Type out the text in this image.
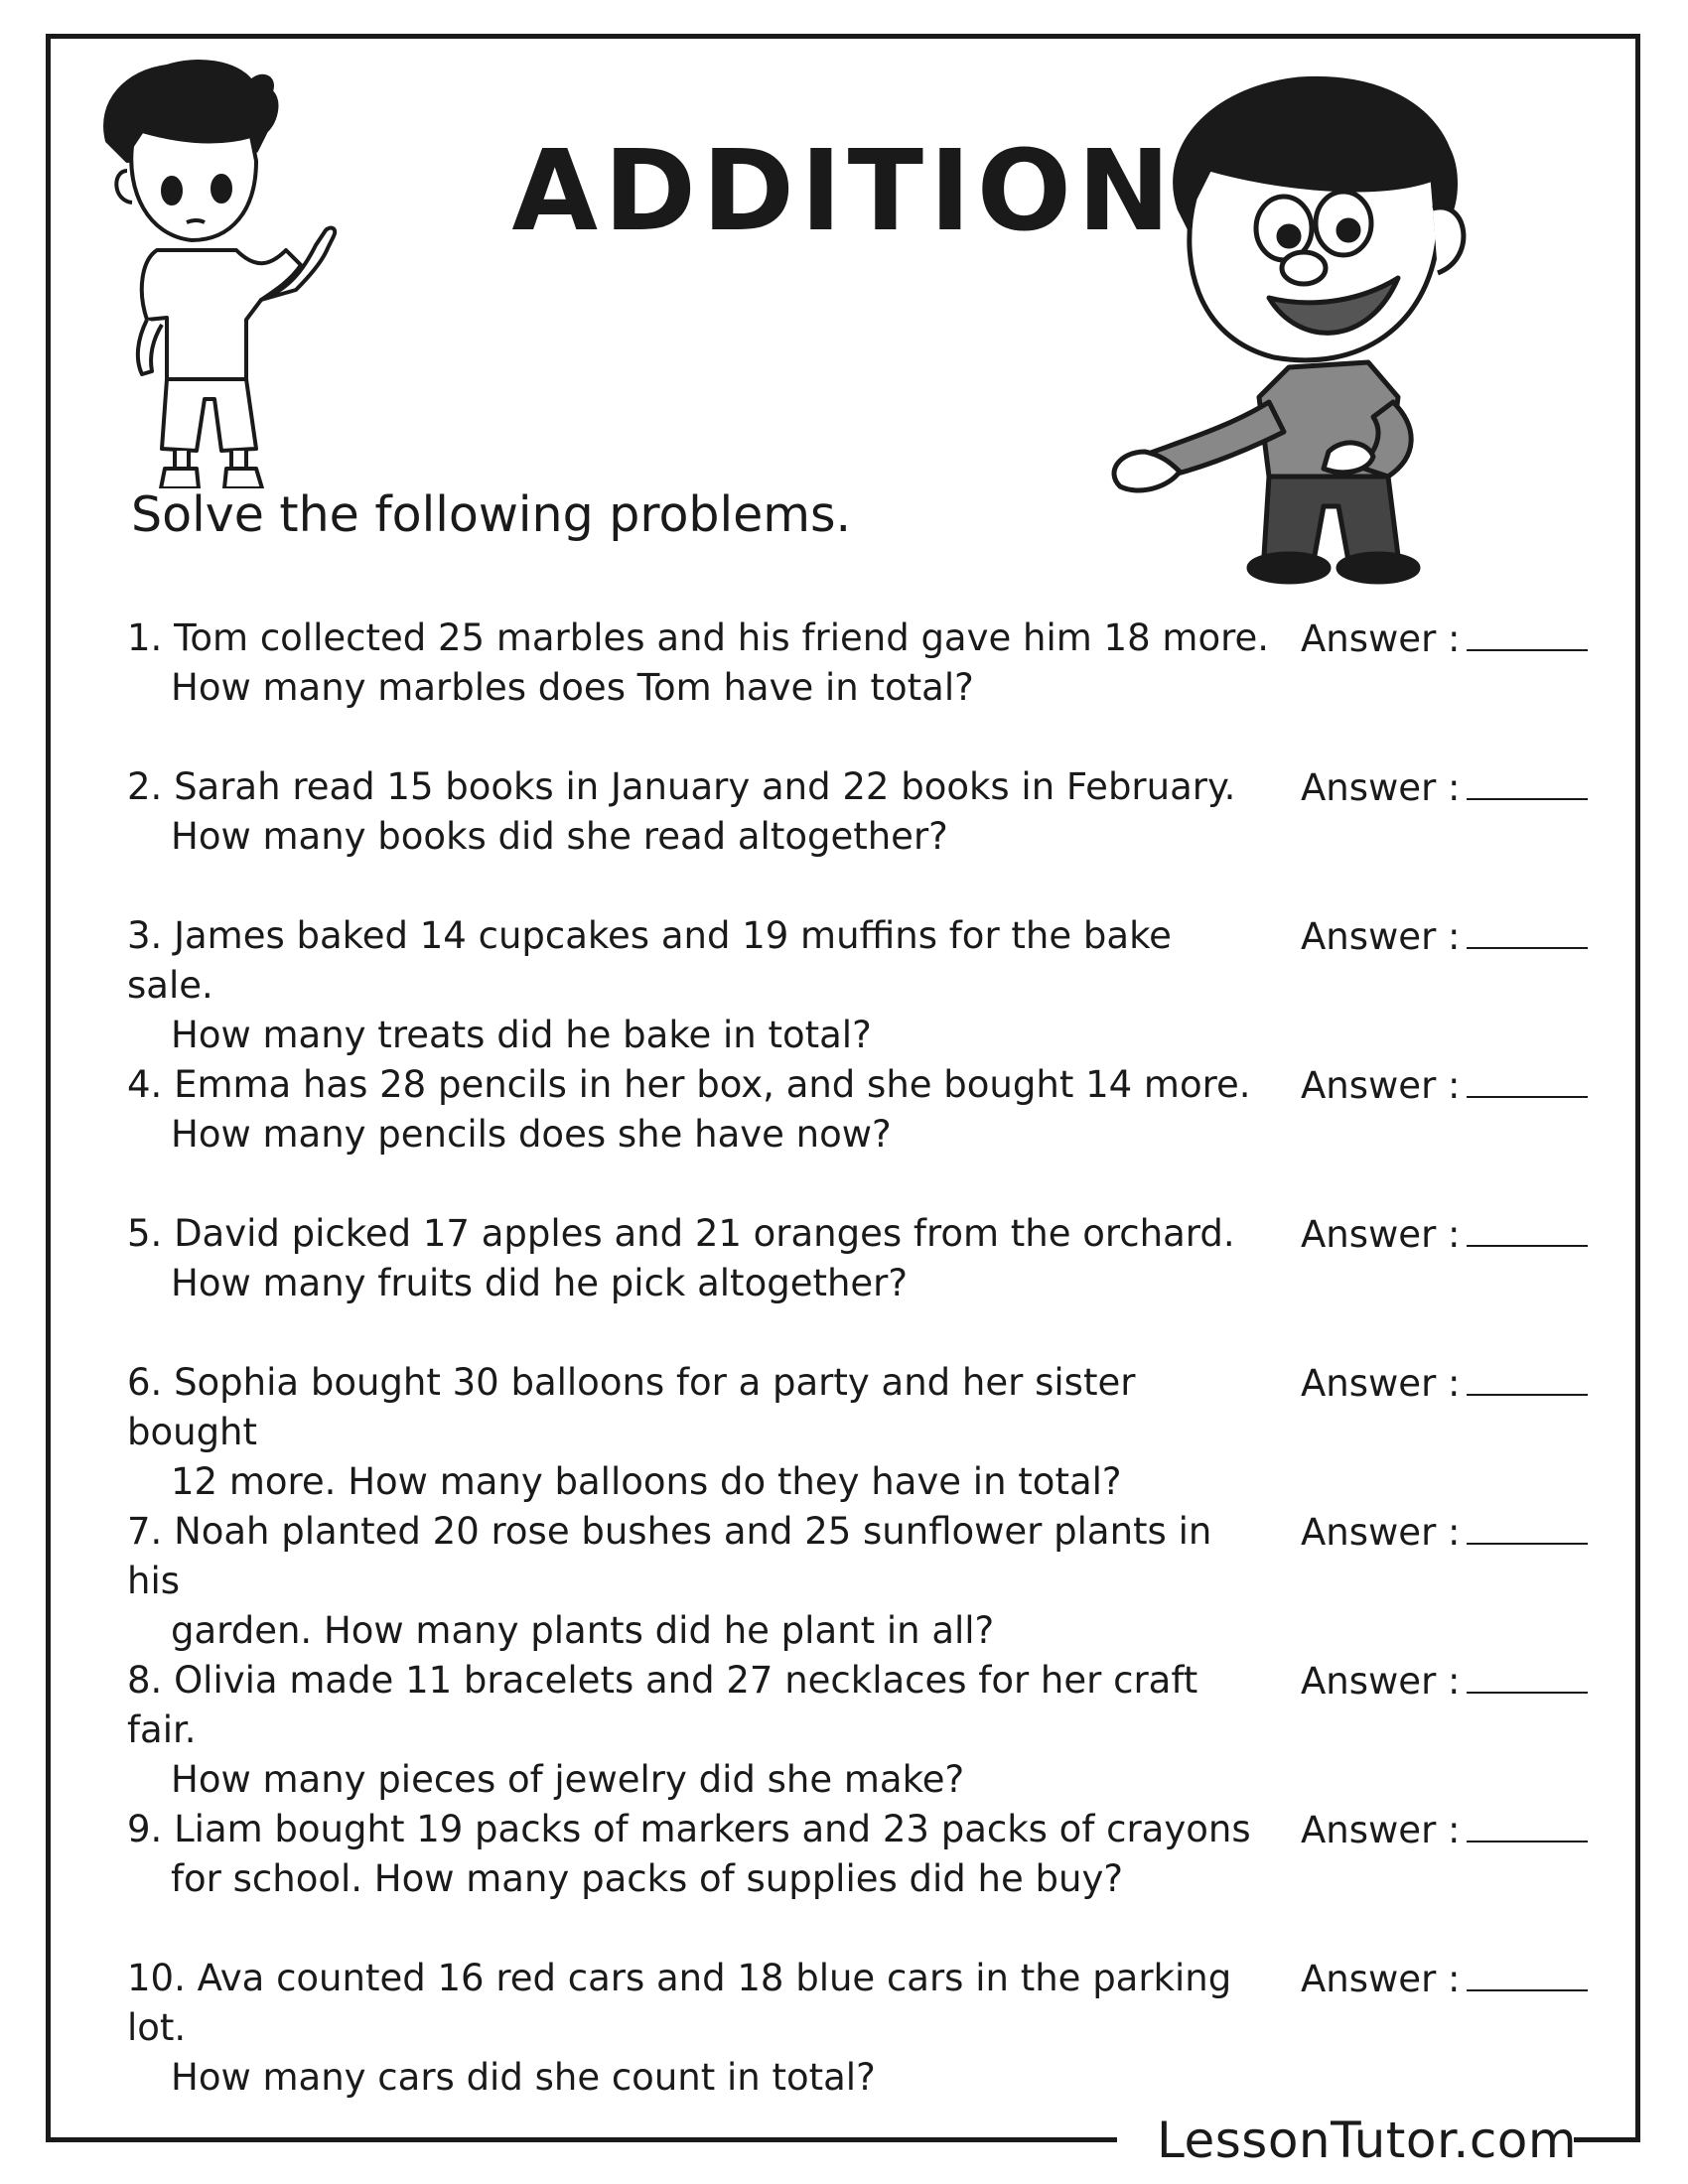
LessonTutor.com
ADDITION
Solve the following problems.
1. Tom collected 25 marbles and his friend gave him 18 more.
How many marbles does Tom have in total?
Answer :
2. Sarah read 15 books in January and 22 books in February.
How many books did she read altogether?
Answer :
3. James baked 14 cupcakes and 19 muffins for the bake sale.
How many treats did he bake in total?
Answer :
4. Emma has 28 pencils in her box, and she bought 14 more.
How many pencils does she have now?
Answer :
5. David picked 17 apples and 21 oranges from the orchard.
How many fruits did he pick altogether?
Answer :
6. Sophia bought 30 balloons for a party and her sister bought
12 more. How many balloons do they have in total?
Answer :
7. Noah planted 20 rose bushes and 25 sunflower plants in his
garden. How many plants did he plant in all?
Answer :
8. Olivia made 11 bracelets and 27 necklaces for her craft fair.
How many pieces of jewelry did she make?
Answer :
9. Liam bought 19 packs of markers and 23 packs of crayons
for school. How many packs of supplies did he buy?
Answer :
10. Ava counted 16 red cars and 18 blue cars in the parking lot.
How many cars did she count in total?
Answer :
